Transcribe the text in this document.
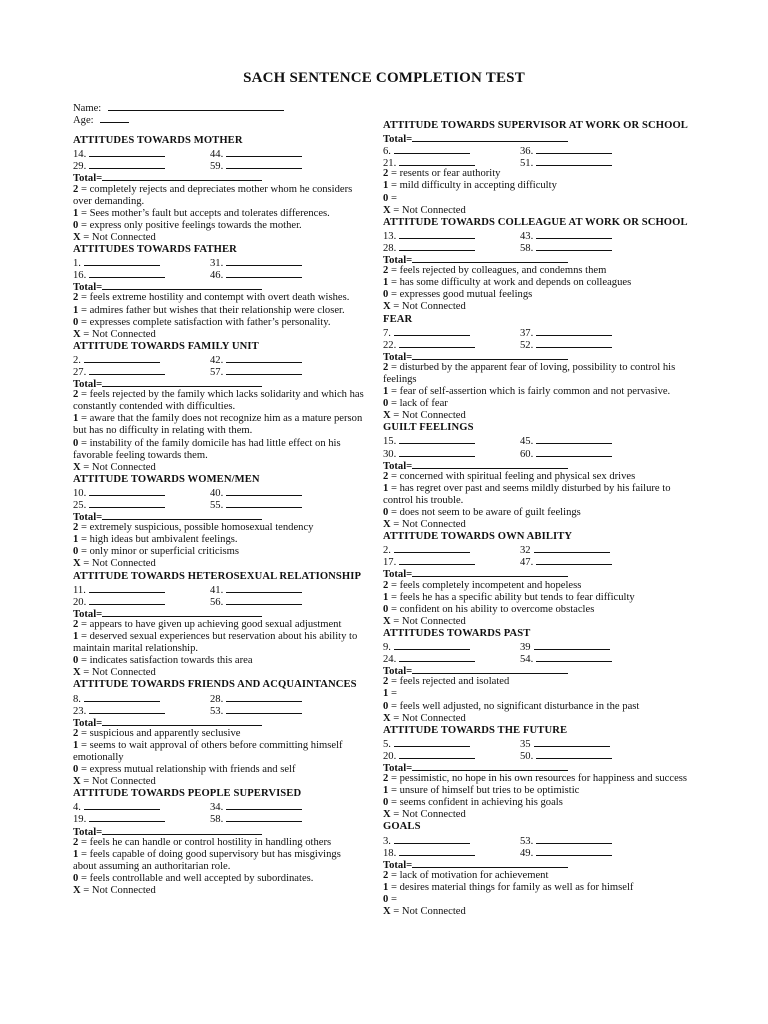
SACH SENTENCE COMPLETION TEST
Name:
Age:
ATTITUDES TOWARDS MOTHER
14.	44.
29.	59.
Total=
2 = completely rejects and depreciates mother whom he considers over demanding.
1 = Sees mother’s fault but accepts and tolerates differences.
0 = express only positive feelings towards the mother.
X = Not Connected
ATTITUDES TOWARDS FATHER
1.	31.
16.	46.
Total=
2 = feels extreme hostility and contempt with overt death wishes.
1 = admires father but wishes that their relationship were closer.
0 = expresses complete satisfaction with father’s personality.
X = Not Connected
ATTITUDE TOWARDS FAMILY UNIT
2.	42.
27.	57.
Total=
2 = feels rejected by the family which lacks solidarity and which has constantly contended with difficulties.
1 = aware that the family does not recognize him as a mature person but has no difficulty in relating with them.
0 = instability of the family domicile has had little effect on his favorable feeling towards them.
X = Not Connected
ATTITUDE TOWARDS WOMEN/MEN
10.	40.
25.	55.
Total=
2 = extremely suspicious, possible homosexual tendency
1 = high ideas but ambivalent feelings.
0 = only minor or superficial criticisms
X = Not Connected
ATTITUDE TOWARDS HETEROSEXUAL RELATIONSHIP
11.	41.
20.	56.
Total=
2 = appears to have given up achieving good sexual adjustment
1 = deserved sexual experiences but reservation about his ability to maintain marital relationship.
0 = indicates satisfaction towards this area
X = Not Connected
ATTITUDE TOWARDS FRIENDS AND ACQUAINTANCES
8.	28.
23.	53.
Total=
2 = suspicious and apparently seclusive
1 = seems to wait approval of others before committing himself emotionally
0 = express mutual relationship with friends and self
X = Not Connected
ATTITUDE TOWARDS PEOPLE SUPERVISED
4.	34.
19.	58.
Total=
2 = feels he can handle or control hostility in handling others
1 = feels capable of doing good supervisory but has misgivings about assuming an authoritarian role.
0 = feels controllable and well accepted by subordinates.
X = Not Connected
ATTITUDE TOWARDS SUPERVISOR AT WORK OR SCHOOL
Total=
6.	36.
21.	51.
2 = resents or fear authority
1 = mild difficulty in accepting difficulty
0 =
X = Not Connected
ATTITUDE TOWARDS COLLEAGUE AT WORK OR SCHOOL
13.	43.
28.	58.
Total=
2 = feels rejected by colleagues, and condemns them
1 = has some difficulty at work and depends on colleagues
0 = expresses good mutual feelings
X = Not Connected
FEAR
7.	37.
22.	52.
Total=
2 = disturbed by the apparent fear of loving, possibility to control his feelings
1 = fear of self-assertion which is fairly common and not pervasive.
0 = lack of fear
X = Not Connected
GUILT FEELINGS
15.	45.
30.	60.
Total=
2 = concerned with spiritual feeling and physical sex drives
1 = has regret over past and seems mildly disturbed by his failure to control his trouble.
0 = does not seem to be aware of guilt feelings
X = Not Connected
ATTITUDE TOWARDS OWN ABILITY
2.	32
17.	47.
Total=
2 = feels completely incompetent and hopeless
1 = feels he has a specific ability but tends to fear difficulty
0 = confident on his ability to overcome obstacles
X = Not Connected
ATTITUDES TOWARDS PAST
9.	39
24.	54.
Total=
2 = feels rejected and isolated
1 =
0 = feels well adjusted, no significant disturbance in the past
X = Not Connected
ATTITUDE TOWARDS THE FUTURE
5.	35
20.	50.
Total=
2 = pessimistic, no hope in his own resources for happiness and success
1 = unsure of himself but tries to be optimistic
0 = seems confident in achieving his goals
X = Not Connected
GOALS
3.	53.
18.	49.
Total=
2 = lack of motivation for achievement
1 = desires material things for family as well as for himself
0 =
X = Not Connected
